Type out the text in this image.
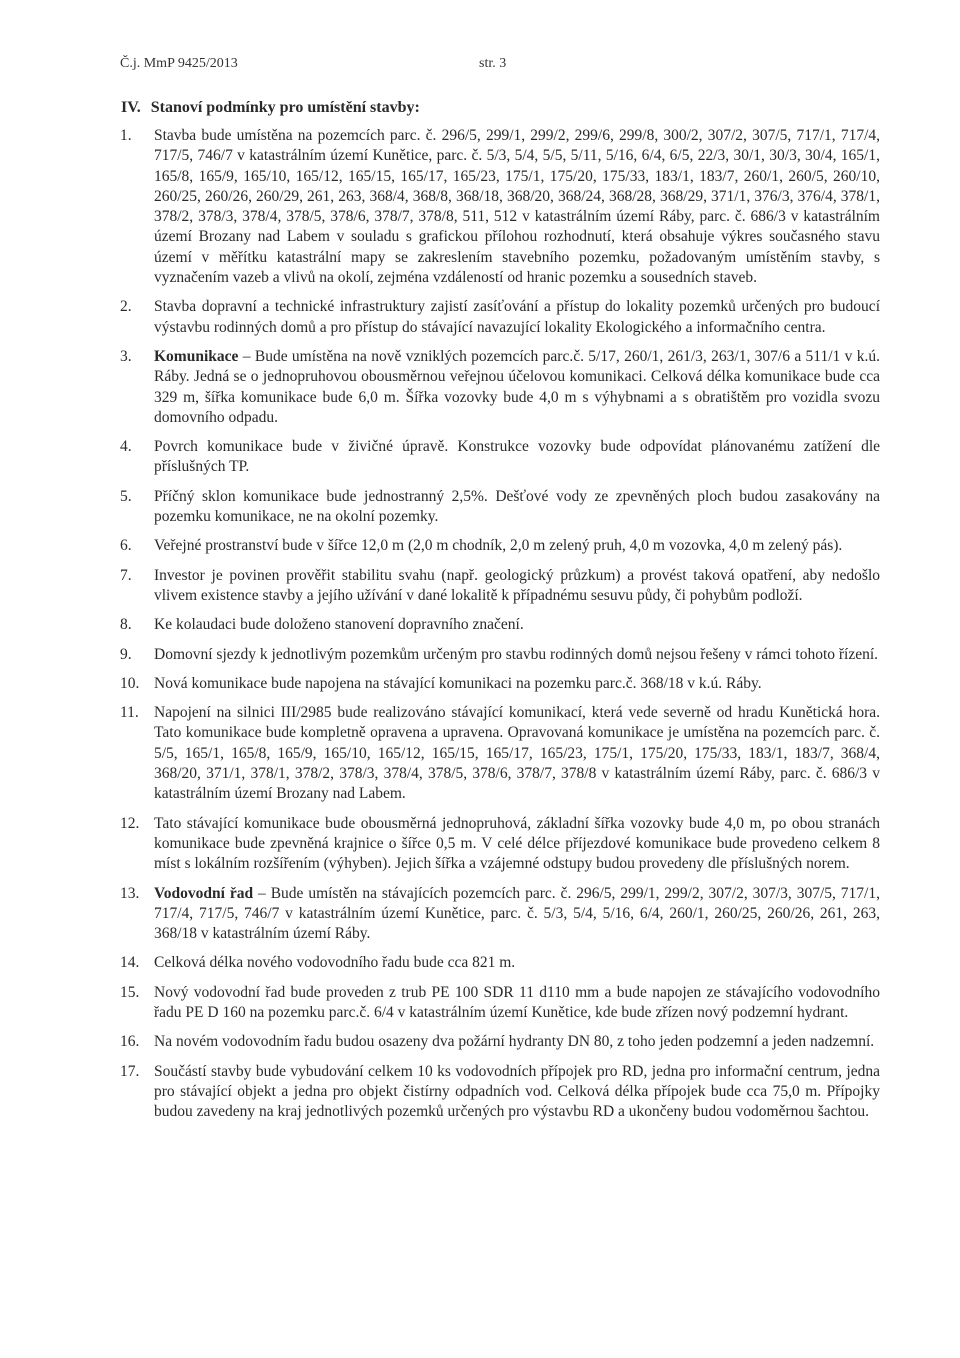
Č.j. MmP 9425/2013	str. 3
IV. Stanoví podmínky pro umístění stavby:
1.	Stavba bude umístěna na pozemcích parc. č. 296/5, 299/1, 299/2, 299/6, 299/8, 300/2, 307/2, 307/5, 717/1, 717/4, 717/5, 746/7 v katastrálním území Kunětice, parc. č. 5/3, 5/4, 5/5, 5/11, 5/16, 6/4, 6/5, 22/3, 30/1, 30/3, 30/4, 165/1, 165/8, 165/9, 165/10, 165/12, 165/15, 165/17, 165/23, 175/1, 175/20, 175/33, 183/1, 183/7, 260/1, 260/5, 260/10, 260/25, 260/26, 260/29, 261, 263, 368/4, 368/8, 368/18, 368/20, 368/24, 368/28, 368/29, 371/1, 376/3, 376/4, 378/1, 378/2, 378/3, 378/4, 378/5, 378/6, 378/7, 378/8, 511, 512 v katastrálním území Ráby, parc. č. 686/3 v katastrálním území Brozany nad Labem v souladu s grafickou přílohou rozhodnutí, která obsahuje výkres současného stavu území v měřítku katastrální mapy se zakreslením stavebního pozemku, požadovaným umístěním stavby, s vyznačením vazeb a vlivů na okolí, zejména vzdáleností od hranic pozemku a sousedních staveb.
2.	Stavba dopravní a technické infrastruktury zajistí zasíťování a přístup do lokality pozemků určených pro budoucí výstavbu rodinných domů a pro přístup do stávající navazující lokality Ekologického a informačního centra.
3.	Komunikace – Bude umístěna na nově vzniklých pozemcích parc.č. 5/17, 260/1, 261/3, 263/1, 307/6 a 511/1 v k.ú. Ráby. Jedná se o jednopruhovou obousměrnou veřejnou účelovou komunikaci. Celková délka komunikace bude cca 329 m, šířka komunikace bude 6,0 m. Šířka vozovky bude 4,0 m s výhybnami a s obratištěm pro vozidla svozu domovního odpadu.
4.	Povrch komunikace bude v živičné úpravě. Konstrukce vozovky bude odpovídat plánovanému zatížení dle příslušných TP.
5.	Příčný sklon komunikace bude jednostranný 2,5%. Dešťové vody ze zpevněných ploch budou zasakovány na pozemku komunikace, ne na okolní pozemky.
6.	Veřejné prostranství bude v šířce 12,0 m (2,0 m chodník, 2,0 m zelený pruh, 4,0 m vozovka, 4,0 m zelený pás).
7.	Investor je povinen prověřit stabilitu svahu (např. geologický průzkum) a provést taková opatření, aby nedošlo vlivem existence stavby a jejího užívání v dané lokalitě k případnému sesuvu půdy, či pohybům podloží.
8.	Ke kolaudaci bude doloženo stanovení dopravního značení.
9.	Domovní sjezdy k jednotlivým pozemkům určeným pro stavbu rodinných domů nejsou řešeny v rámci tohoto řízení.
10. Nová komunikace bude napojena na stávající komunikaci na pozemku parc.č. 368/18 v k.ú. Ráby.
11. Napojení na silnici III/2985 bude realizováno stávající komunikací, která vede severně od hradu Kunětická hora. Tato komunikace bude kompletně opravena a upravena. Opravovaná komunikace je umístěna na pozemcích parc. č. 5/5, 165/1, 165/8, 165/9, 165/10, 165/12, 165/15, 165/17, 165/23, 175/1, 175/20, 175/33, 183/1, 183/7, 368/4, 368/20, 371/1, 378/1, 378/2, 378/3, 378/4, 378/5, 378/6, 378/7, 378/8 v katastrálním území Ráby, parc. č. 686/3 v katastrálním území Brozany nad Labem.
12. Tato stávající komunikace bude obousměrná jednopruhová, základní šířka vozovky bude 4,0 m, po obou stranách komunikace bude zpevněná krajnice o šířce 0,5 m. V celé délce příjezdové komunikace bude provedeno celkem 8 míst s lokálním rozšířením (výhyben). Jejich šířka a vzájemné odstupy budou provedeny dle příslušných norem.
13. Vodovodní řad – Bude umístěn na stávajících pozemcích parc. č. 296/5, 299/1, 299/2, 307/2, 307/3, 307/5, 717/1, 717/4, 717/5, 746/7 v katastrálním území Kunětice, parc. č. 5/3, 5/4, 5/16, 6/4, 260/1, 260/25, 260/26, 261, 263, 368/18 v katastrálním území Ráby.
14. Celková délka nového vodovodního řadu bude cca 821 m.
15. Nový vodovodní řad bude proveden z trub PE 100 SDR 11 d110 mm a bude napojen ze stávajícího vodovodního řadu PE D 160 na pozemku parc.č. 6/4 v katastrálním území Kunětice, kde bude zřízen nový podzemní hydrant.
16. Na novém vodovodním řadu budou osazeny dva požární hydranty DN 80, z toho jeden podzemní a jeden nadzemní.
17. Součástí stavby bude vybudování celkem 10 ks vodovodních přípojek pro RD, jedna pro informační centrum, jedna pro stávající objekt a jedna pro objekt čistírny odpadních vod. Celková délka přípojek bude cca 75,0 m. Přípojky budou zavedeny na kraj jednotlivých pozemků určených pro výstavbu RD a ukončeny budou vodoměrnou šachtou.
